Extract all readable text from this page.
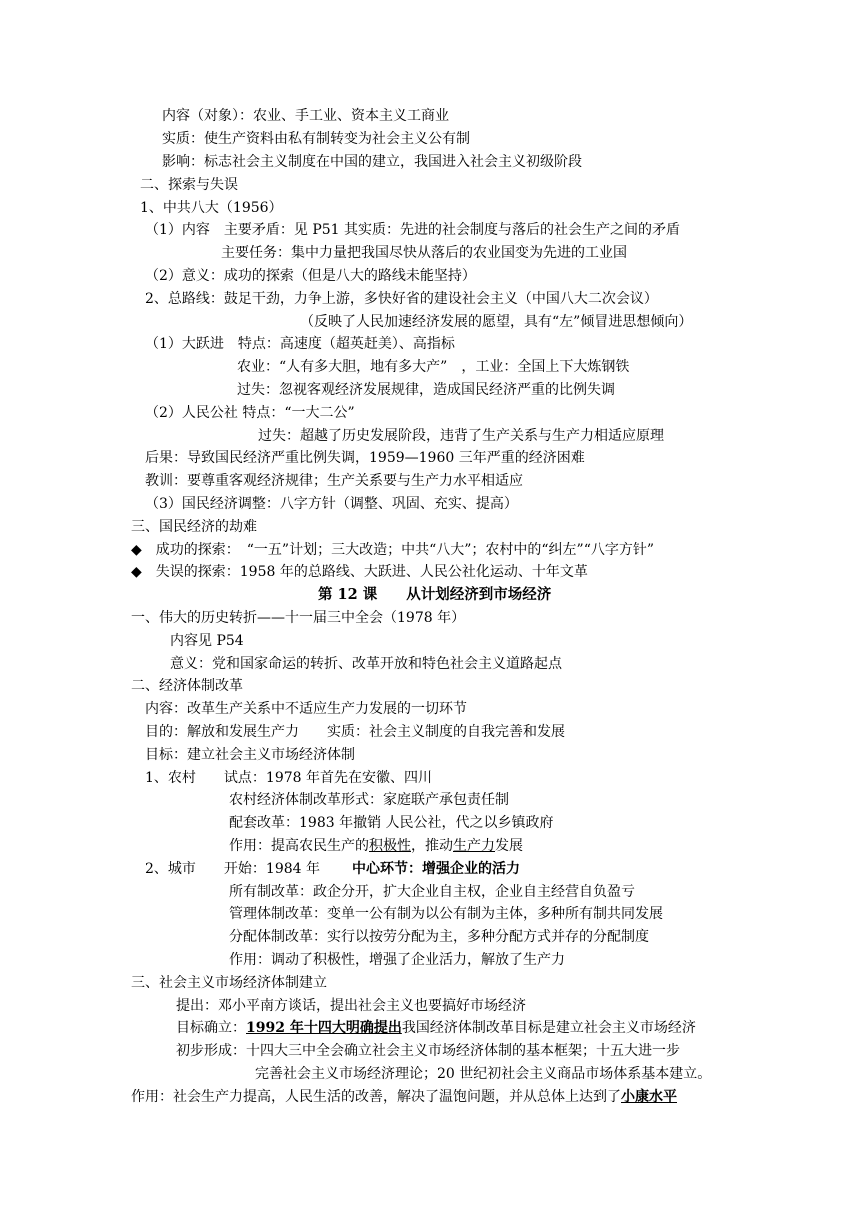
内容（对象）：农业、手工业、资本主义工商业
实质：使生产资料由私有制转变为社会主义公有制
影响：标志社会主义制度在中国的建立，我国进入社会主义初级阶段
二、探索与失误
1、中共八大（1956）
（1）内容　主要矛盾：见 P51 其实质：先进的社会制度与落后的社会生产之间的矛盾
主要任务：集中力量把我国尽快从落后的农业国变为先进的工业国
（2）意义：成功的探索（但是八大的路线未能坚持）
2、总路线：鼓足干劲，力争上游，多快好省的建设社会主义（中国八大二次会议）
（反映了人民加速经济发展的愿望，具有“左”倾冒进思想倾向）
（1）大跃进　特点：高速度（超英赶美）、高指标
农业：“人有多大胆，地有多大产”　，工业：全国上下大炼钢铁
过失：忽视客观经济发展规律，造成国民经济严重的比例失调
（2）人民公社 特点：“一大二公”
过失：超越了历史发展阶段，违背了生产关系与生产力相适应原理
后果：导致国民经济严重比例失调，1959—1960 三年严重的经济困难
教训：要尊重客观经济规律；生产关系要与生产力水平相适应
（3）国民经济调整：八字方针（调整、巩固、充实、提高）
三、国民经济的劫难
◆　成功的探索：　“一五”计划；三大改造；中共“八大”；农村中的“纠左”“八字方针”
◆　失误的探索：1958 年的总路线、大跃进、人民公社化运动、十年文革
第 12 课　　从计划经济到市场经济
一、伟大的历史转折——十一届三中全会（1978 年）
内容见 P54
意义：党和国家命运的转折、改革开放和特色社会主义道路起点
二、经济体制改革
内容：改革生产关系中不适应生产力发展的一切环节
目的：解放和发展生产力　　实质：社会主义制度的自我完善和发展
目标：建立社会主义市场经济体制
1、农村　　试点：1978 年首先在安徽、四川
农村经济体制改革形式：家庭联产承包责任制
配套改革：1983 年撤销 人民公社，代之以乡镇政府
作用：提高农民生产的积极性，推动生产力发展
2、城市　　开始：1984 年 中心环节：增强企业的活力
所有制改革：政企分开，扩大企业自主权，企业自主经营自负盈亏
管理体制改革：变单一公有制为以公有制为主体，多种所有制共同发展
分配体制改革：实行以按劳分配为主，多种分配方式并存的分配制度
作用：调动了积极性，增强了企业活力，解放了生产力
三、社会主义市场经济体制建立
提出：邓小平南方谈话，提出社会主义也要搞好市场经济
目标确立：1992 年十四大明确提出我国经济体制改革目标是建立社会主义市场经济
初步形成：十四大三中全会确立社会主义市场经济体制的基本框架；十五大进一步
完善社会主义市场经济理论；20 世纪初社会主义商品市场体系基本建立。
作用：社会生产力提高，人民生活的改善，解决了温饱问题，并从总体上达到了小康水平
